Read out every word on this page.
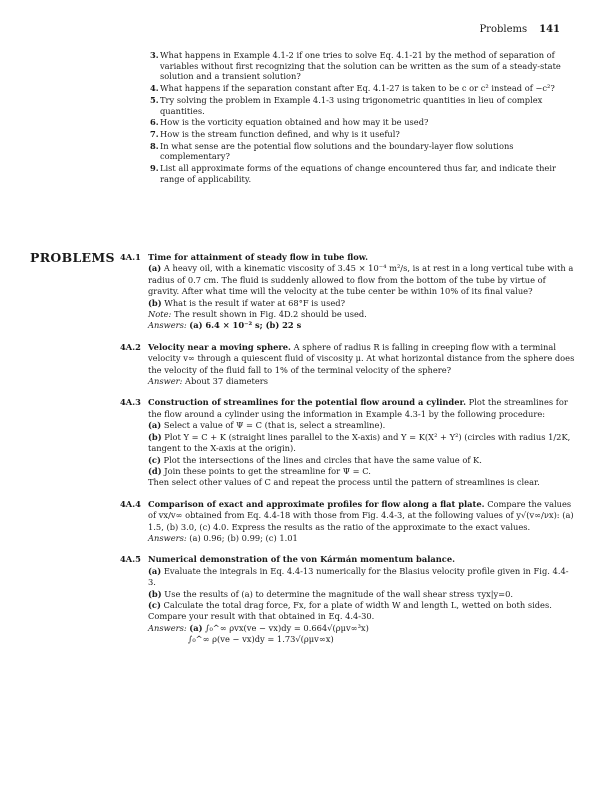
Problems 141
3. What happens in Example 4.1-2 if one tries to solve Eq. 4.1-21 by the method of separation of variables without first recognizing that the solution can be written as the sum of a steady-state solution and a transient solution?
4. What happens if the separation constant after Eq. 4.1-27 is taken to be c or c² instead of −c²?
5. Try solving the problem in Example 4.1-3 using trigonometric quantities in lieu of complex quantities.
6. How is the vorticity equation obtained and how may it be used?
7. How is the stream function defined, and why is it useful?
8. In what sense are the potential flow solutions and the boundary-layer flow solutions complementary?
9. List all approximate forms of the equations of change encountered thus far, and indicate their range of applicability.
PROBLEMS 4A.1 Time for attainment of steady flow in tube flow.

(a) A heavy oil, with a kinematic viscosity of 3.45 × 10⁻⁴ m²/s, is at rest in a long vertical tube with a radius of 0.7 cm. The fluid is suddenly allowed to flow from the bottom of the tube by virtue of gravity. After what time will the velocity at the tube center be within 10% of its final value?

(b) What is the result if water at 68°F is used?

Note: The result shown in Fig. 4D.2 should be used.

Answers: (a) 6.4 × 10⁻² s; (b) 22 s

4A.2 Velocity near a moving sphere. A sphere of radius R is falling in creeping flow with a terminal velocity v∞ through a quiescent fluid of viscosity μ. At what horizontal distance from the sphere does the velocity of the fluid fall to 1% of the terminal velocity of the sphere?

Answer: About 37 diameters

4A.3 Construction of streamlines for the potential flow around a cylinder. Plot the streamlines for the flow around a cylinder using the information in Example 4.3-1 by the following procedure:

(a) Select a value of Ψ = C (that is, select a streamline).

(b) Plot Y = C + K (straight lines parallel to the X-axis) and Y = K(X² + Y²) (circles with radius 1/2K, tangent to the X-axis at the origin).

(c) Plot the intersections of the lines and circles that have the same value of K.

(d) Join these points to get the streamline for Ψ = C.

Then select other values of C and repeat the process until the pattern of streamlines is clear.

4A.4 Comparison of exact and approximate profiles for flow along a flat plate. Compare the values of vx/v∞ obtained from Eq. 4.4-18 with those from Fig. 4.4-3, at the following values of y√(v∞/νx): (a) 1.5, (b) 3.0, (c) 4.0. Express the results as the ratio of the approximate to the exact values.

Answers: (a) 0.96; (b) 0.99; (c) 1.01

4A.5 Numerical demonstration of the von Kármán momentum balance.

(a) Evaluate the integrals in Eq. 4.4-13 numerically for the Blasius velocity profile given in Fig. 4.4-3.

(b) Use the results of (a) to determine the magnitude of the wall shear stress τyx|y=0.

(c) Calculate the total drag force, Fx, for a plate of width W and length L, wetted on both sides. Compare your result with that obtained in Eq. 4.4-30.

Answers: (a) ∫₀^∞ ρvx(ve − vx)dy = 0.664√(ρμv∞³x)

∫₀^∞ ρ(ve − vx)dy = 1.73√(ρμv∞x)
